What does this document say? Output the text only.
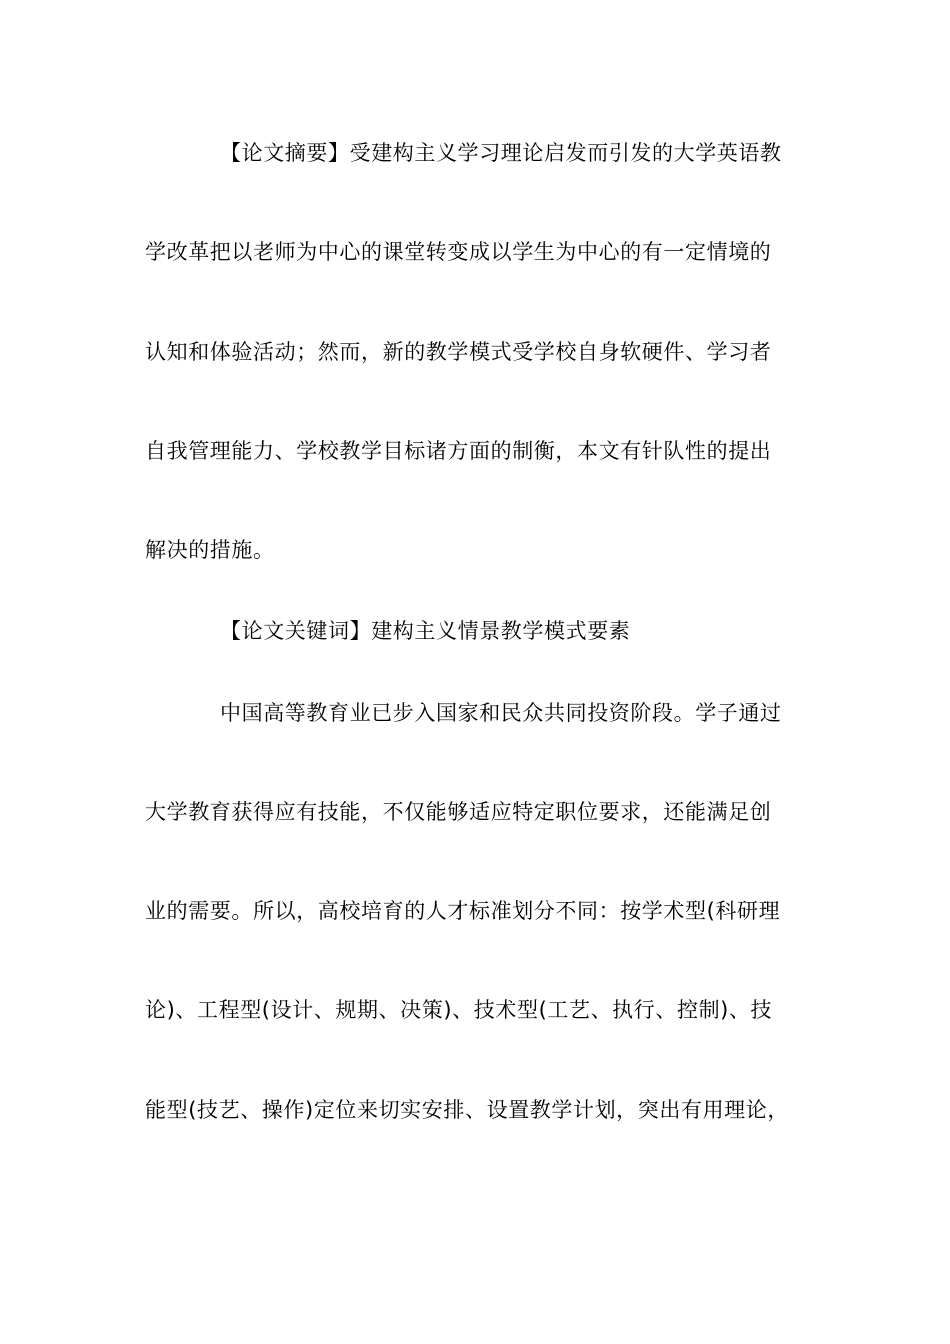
【论文摘要】受建构主义学习理论启发而引发的大学英语教
学改革把以老师为中心的课堂转变成以学生为中心的有一定情境的
认知和体验活动；然而，新的教学模式受学校自身软硬件、学习者
自我管理能力、学校教学目标诸方面的制衡，本文有针队性的提出
解决的措施。
【论文关键词】建构主义情景教学模式要素
中国高等教育业已步入国家和民众共同投资阶段。学子通过
大学教育获得应有技能，不仅能够适应特定职位要求，还能满足创
业的需要。所以，高校培育的人才标准划分不同：按学术型(科研理
论)、工程型(设计、规期、决策)、技术型(工艺、执行、控制)、技
能型(技艺、操作)定位来切实安排、设置教学计划，突出有用理论，
